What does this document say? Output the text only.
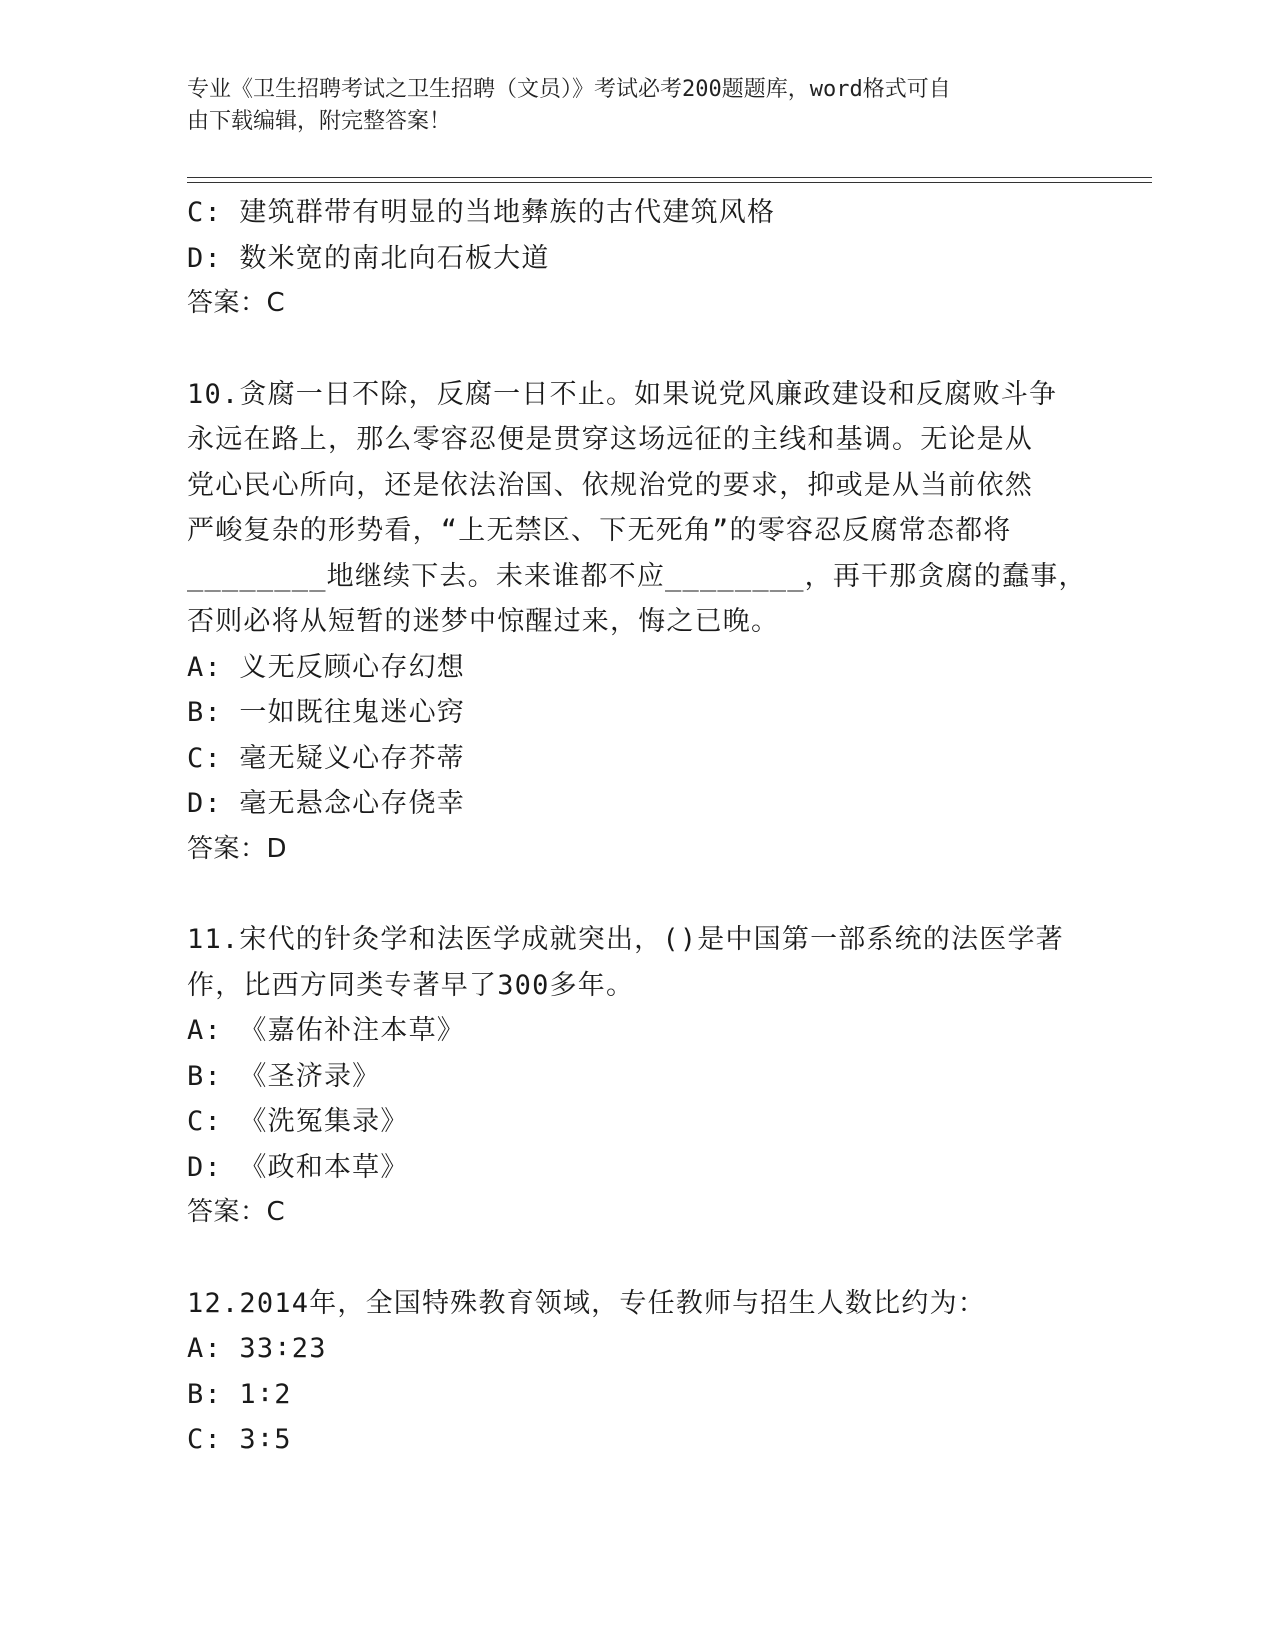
专业《卫生招聘考试之卫生招聘（文员）》考试必考200题题库，word格式可自
由下载编辑，附完整答案！
C: 建筑群带有明显的当地彝族的古代建筑风格
D: 数米宽的南北向石板大道
答案：C
10.贪腐一日不除，反腐一日不止。如果说党风廉政建设和反腐败斗争
永远在路上，那么零容忍便是贯穿这场远征的主线和基调。无论是从
党心民心所向，还是依法治国、依规治党的要求，抑或是从当前依然
严峻复杂的形势看，“上无禁区、下无死角”的零容忍反腐常态都将
________地继续下去。未来谁都不应________，再干那贪腐的蠢事，
否则必将从短暂的迷梦中惊醒过来，悔之已晚。
A: 义无反顾心存幻想
B: 一如既往鬼迷心窍
C: 毫无疑义心存芥蒂
D: 毫无悬念心存侥幸
答案：D
11.宋代的针灸学和法医学成就突出，()是中国第一部系统的法医学著
作，比西方同类专著早了300多年。
A: 《嘉佑补注本草》
B: 《圣济录》
C: 《洗冤集录》
D: 《政和本草》
答案：C
12.2014年，全国特殊教育领域，专任教师与招生人数比约为：
A: 33∶23
B: 1∶2
C: 3∶5
